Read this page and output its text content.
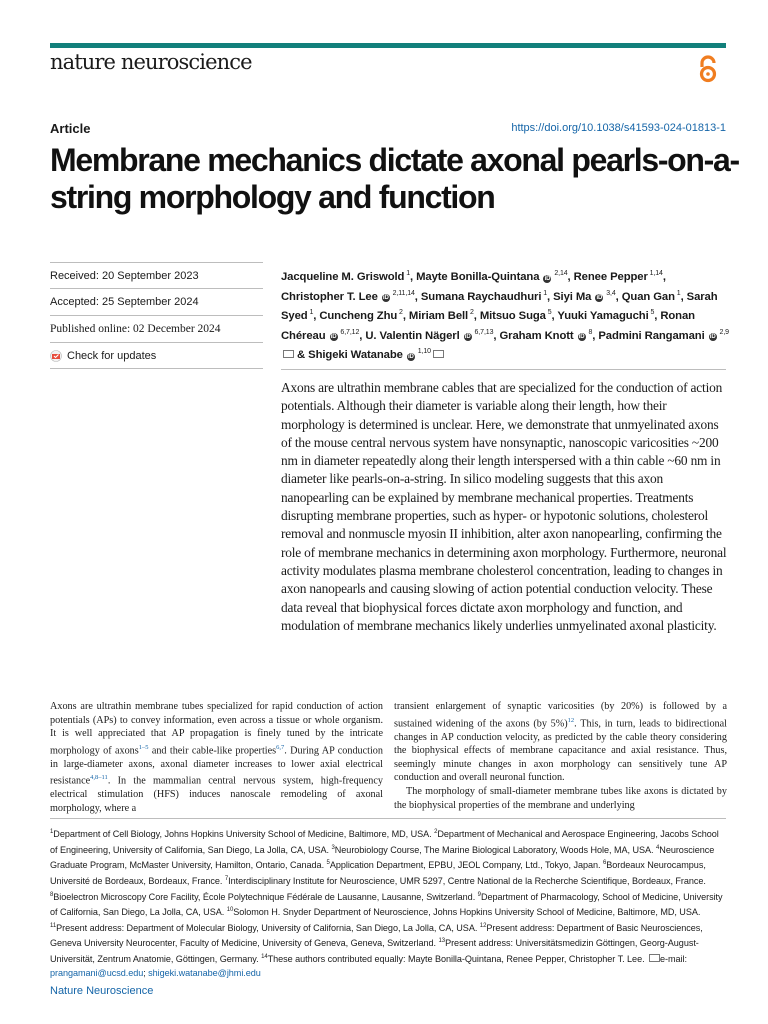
nature neuroscience
Article	https://doi.org/10.1038/s41593-024-01813-1
Membrane mechanics dictate axonal pearls-on-a-string morphology and function
Received: 20 September 2023
Accepted: 25 September 2024
Published online: 02 December 2024
Check for updates
Jacqueline M. Griswold $^1$, Mayte Bonilla-Quintana iD $^{2,14}$, Renee Pepper $^{1,14}$, Christopher T. Lee iD $^{2,11,14}$, Sumana Raychaudhuri $^1$, Siyi Ma iD $^{3,4}$, Quan Gan $^1$, Sarah Syed $^1$, Cuncheng Zhu $^2$, Miriam Bell $^2$, Mitsuo Suga $^5$, Yuuki Yamaguchi $^5$, Ronan Chéreau iD $^{6,7,12}$, U. Valentin Nägerl iD $^{6,7,13}$, Graham Knott iD $^8$, Padmini Rangamani iD $^{2,9}$ & Shigeki Watanabe iD $^{1,10}$

Axons are ultrathin membrane cables that are specialized for the conduction of action potentials. Although their diameter is variable along their length, how their morphology is determined is unclear. Here, we demonstrate that unmyelinated axons of the mouse central nervous system have nonsynaptic, nanoscopic varicosities ~200 nm in diameter repeatedly along their length interspersed with a thin cable ~60 nm in diameter like pearls-on-a-string. In silico modeling suggests that this axon nanopearling can be explained by membrane mechanical properties. Treatments disrupting membrane properties, such as hyper- or hypotonic solutions, cholesterol removal and nonmuscle myosin II inhibition, alter axon nanopearling, confirming the role of membrane mechanics in determining axon morphology. Furthermore, neuronal activity modulates plasma membrane cholesterol concentration, leading to changes in axon nanopearls and causing slowing of action potential conduction velocity. These data reveal that biophysical forces dictate axon morphology and function, and modulation of membrane mechanics likely underlies unmyelinated axonal plasticity.

Axons are ultrathin membrane tubes specialized for rapid conduction of action potentials (APs) to convey information, even across a tissue or whole organism. It is well appreciated that AP propagation is finely tuned by the intricate morphology of axons$^{1-5}$ and their cable-like properties$^{6,7}$. During AP conduction in large-diameter axons, axonal diameter increases to lower axial electrical resistance$^{4,8-11}$. In the mammalian central nervous system, high-frequency electrical stimulation (HFS) induces nanoscale remodeling of axonal morphology, where a

transient enlargement of synaptic varicosities (by 20%) is followed by a sustained widening of the axons (by 5%)$^{12}$. This, in turn, leads to bidirectional changes in AP conduction velocity, as predicted by the cable theory considering the biophysical effects of membrane capacitance and axial resistance. Thus, seemingly minute changes in axon morphology can sensitively tune AP conduction and overall neuronal function.

The morphology of small-diameter membrane tubes like axons is dictated by the biophysical properties of the membrane and underlying

$^1$Department of Cell Biology, Johns Hopkins University School of Medicine, Baltimore, MD, USA. $^2$Department of Mechanical and Aerospace Engineering, Jacobs School of Engineering, University of California, San Diego, La Jolla, CA, USA. $^3$Neurobiology Course, The Marine Biological Laboratory, Woods Hole, MA, USA. $^4$Neuroscience Graduate Program, McMaster University, Hamilton, Ontario, Canada. $^5$Application Department, EPBU, JEOL Company, Ltd., Tokyo, Japan. $^6$Bordeaux Neurocampus, Université de Bordeaux, Bordeaux, France. $^7$Interdisciplinary Institute for Neuroscience, UMR 5297, Centre National de la Recherche Scientifique, Bordeaux, France. $^8$Bioelectron Microscopy Core Facility, École Polytechnique Fédérale de Lausanne, Lausanne, Switzerland. $^9$Department of Pharmacology, School of Medicine, University of California, San Diego, La Jolla, CA, USA. $^{10}$Solomon H. Snyder Department of Neuroscience, Johns Hopkins University School of Medicine, Baltimore, MD, USA. $^{11}$Present address: Department of Molecular Biology, University of California, San Diego, La Jolla, CA, USA. $^{12}$Present address: Department of Basic Neurosciences, Geneva University Neurocenter, Faculty of Medicine, University of Geneva, Geneva, Switzerland. $^{13}$Present address: Universitätsmedizin Göttingen, Georg-August-Universität, Zentrum Anatomie, Göttingen, Germany. $^{14}$These authors contributed equally: Mayte Bonilla-Quintana, Renee Pepper, Christopher T. Lee. e-mail: prangamani@ucsd.edu; shigeki.watanabe@jhmi.edu

Nature Neuroscience
